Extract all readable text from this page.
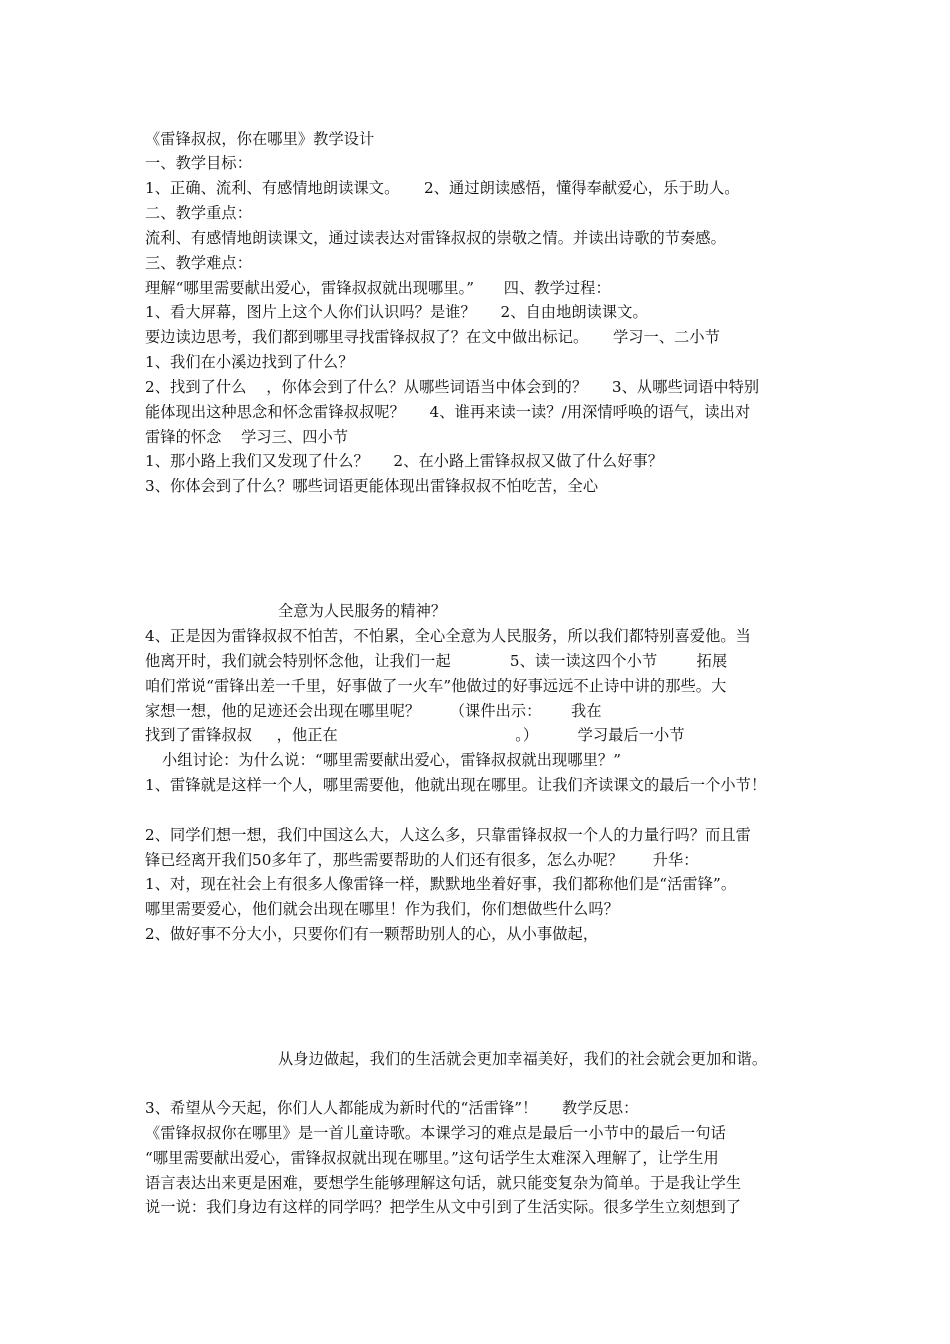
《雷锋叔叔，你在哪里》教学设计
一、教学目标：
1、正确、流利、有感情地朗读课文。     2、通过朗读感悟，懂得奉献爱心，乐于助人。
二、教学重点：
流利、有感情地朗读课文，通过读表达对雷锋叔叔的崇敬之情。并读出诗歌的节奏感。
三、教学难点：
理解“哪里需要献出爱心，雷锋叔叔就出现哪里。”      四、教学过程：
1、看大屏幕，图片上这个人你们认识吗？是谁？     2、自由地朗读课文。
要边读边思考，我们都到哪里寻找雷锋叔叔了？在文中做出标记。     学习一、二小节
1、我们在小溪边找到了什么？
2、找到了什么    ，你体会到了什么？从哪些词语当中体会到的？     3、从哪些词语中特别
能体现出这种思念和怀念雷锋叔叔呢？     4、谁再来读一读？/用深情呼唤的语气，读出对
雷锋的怀念    学习三、四小节
1、那小路上我们又发现了什么？     2、在小路上雷锋叔叔又做了什么好事？
3、你体会到了什么？哪些词语更能体现出雷锋叔叔不怕吃苦，全心
全意为人民服务的精神？
4、正是因为雷锋叔叔不怕苦，不怕累，全心全意为人民服务，所以我们都特别喜爱他。当
他离开时，我们就会特别怀念他，让我们一起            5、读一读这四个小节        拓展
咱们常说“雷锋出差一千里，好事做了一火车”他做过的好事远远不止诗中讲的那些。大
家想一想，他的足迹还会出现在哪里呢？      （课件出示：      我在
找到了雷锋叔叔     ，他正在                                    。）        学习最后一小节
小组讨论：为什么说：“哪里需要献出爱心，雷锋叔叔就出现哪里？”
1、雷锋就是这样一个人，哪里需要他，他就出现在哪里。让我们齐读课文的最后一个小节！
2、同学们想一想，我们中国这么大，人这么多，只靠雷锋叔叔一个人的力量行吗？而且雷
锋已经离开我们50多年了，那些需要帮助的人们还有很多，怎么办呢？      升华：
1、对，现在社会上有很多人像雷锋一样，默默地坐着好事，我们都称他们是“活雷锋”。
哪里需要爱心，他们就会出现在哪里！作为我们，你们想做些什么吗？
2、做好事不分大小，只要你们有一颗帮助别人的心，从小事做起，
从身边做起，我们的生活就会更加幸福美好，我们的社会就会更加和谐。
3、希望从今天起，你们人人都能成为新时代的“活雷锋”！     教学反思：
《雷锋叔叔你在哪里》是一首儿童诗歌。本课学习的难点是最后一小节中的最后一句话
“哪里需要献出爱心，雷锋叔叔就出现在哪里。”这句话学生太难深入理解了，让学生用
语言表达出来更是困难，要想学生能够理解这句话，就只能变复杂为简单。于是我让学生
说一说：我们身边有这样的同学吗？把学生从文中引到了生活实际。很多学生立刻想到了
